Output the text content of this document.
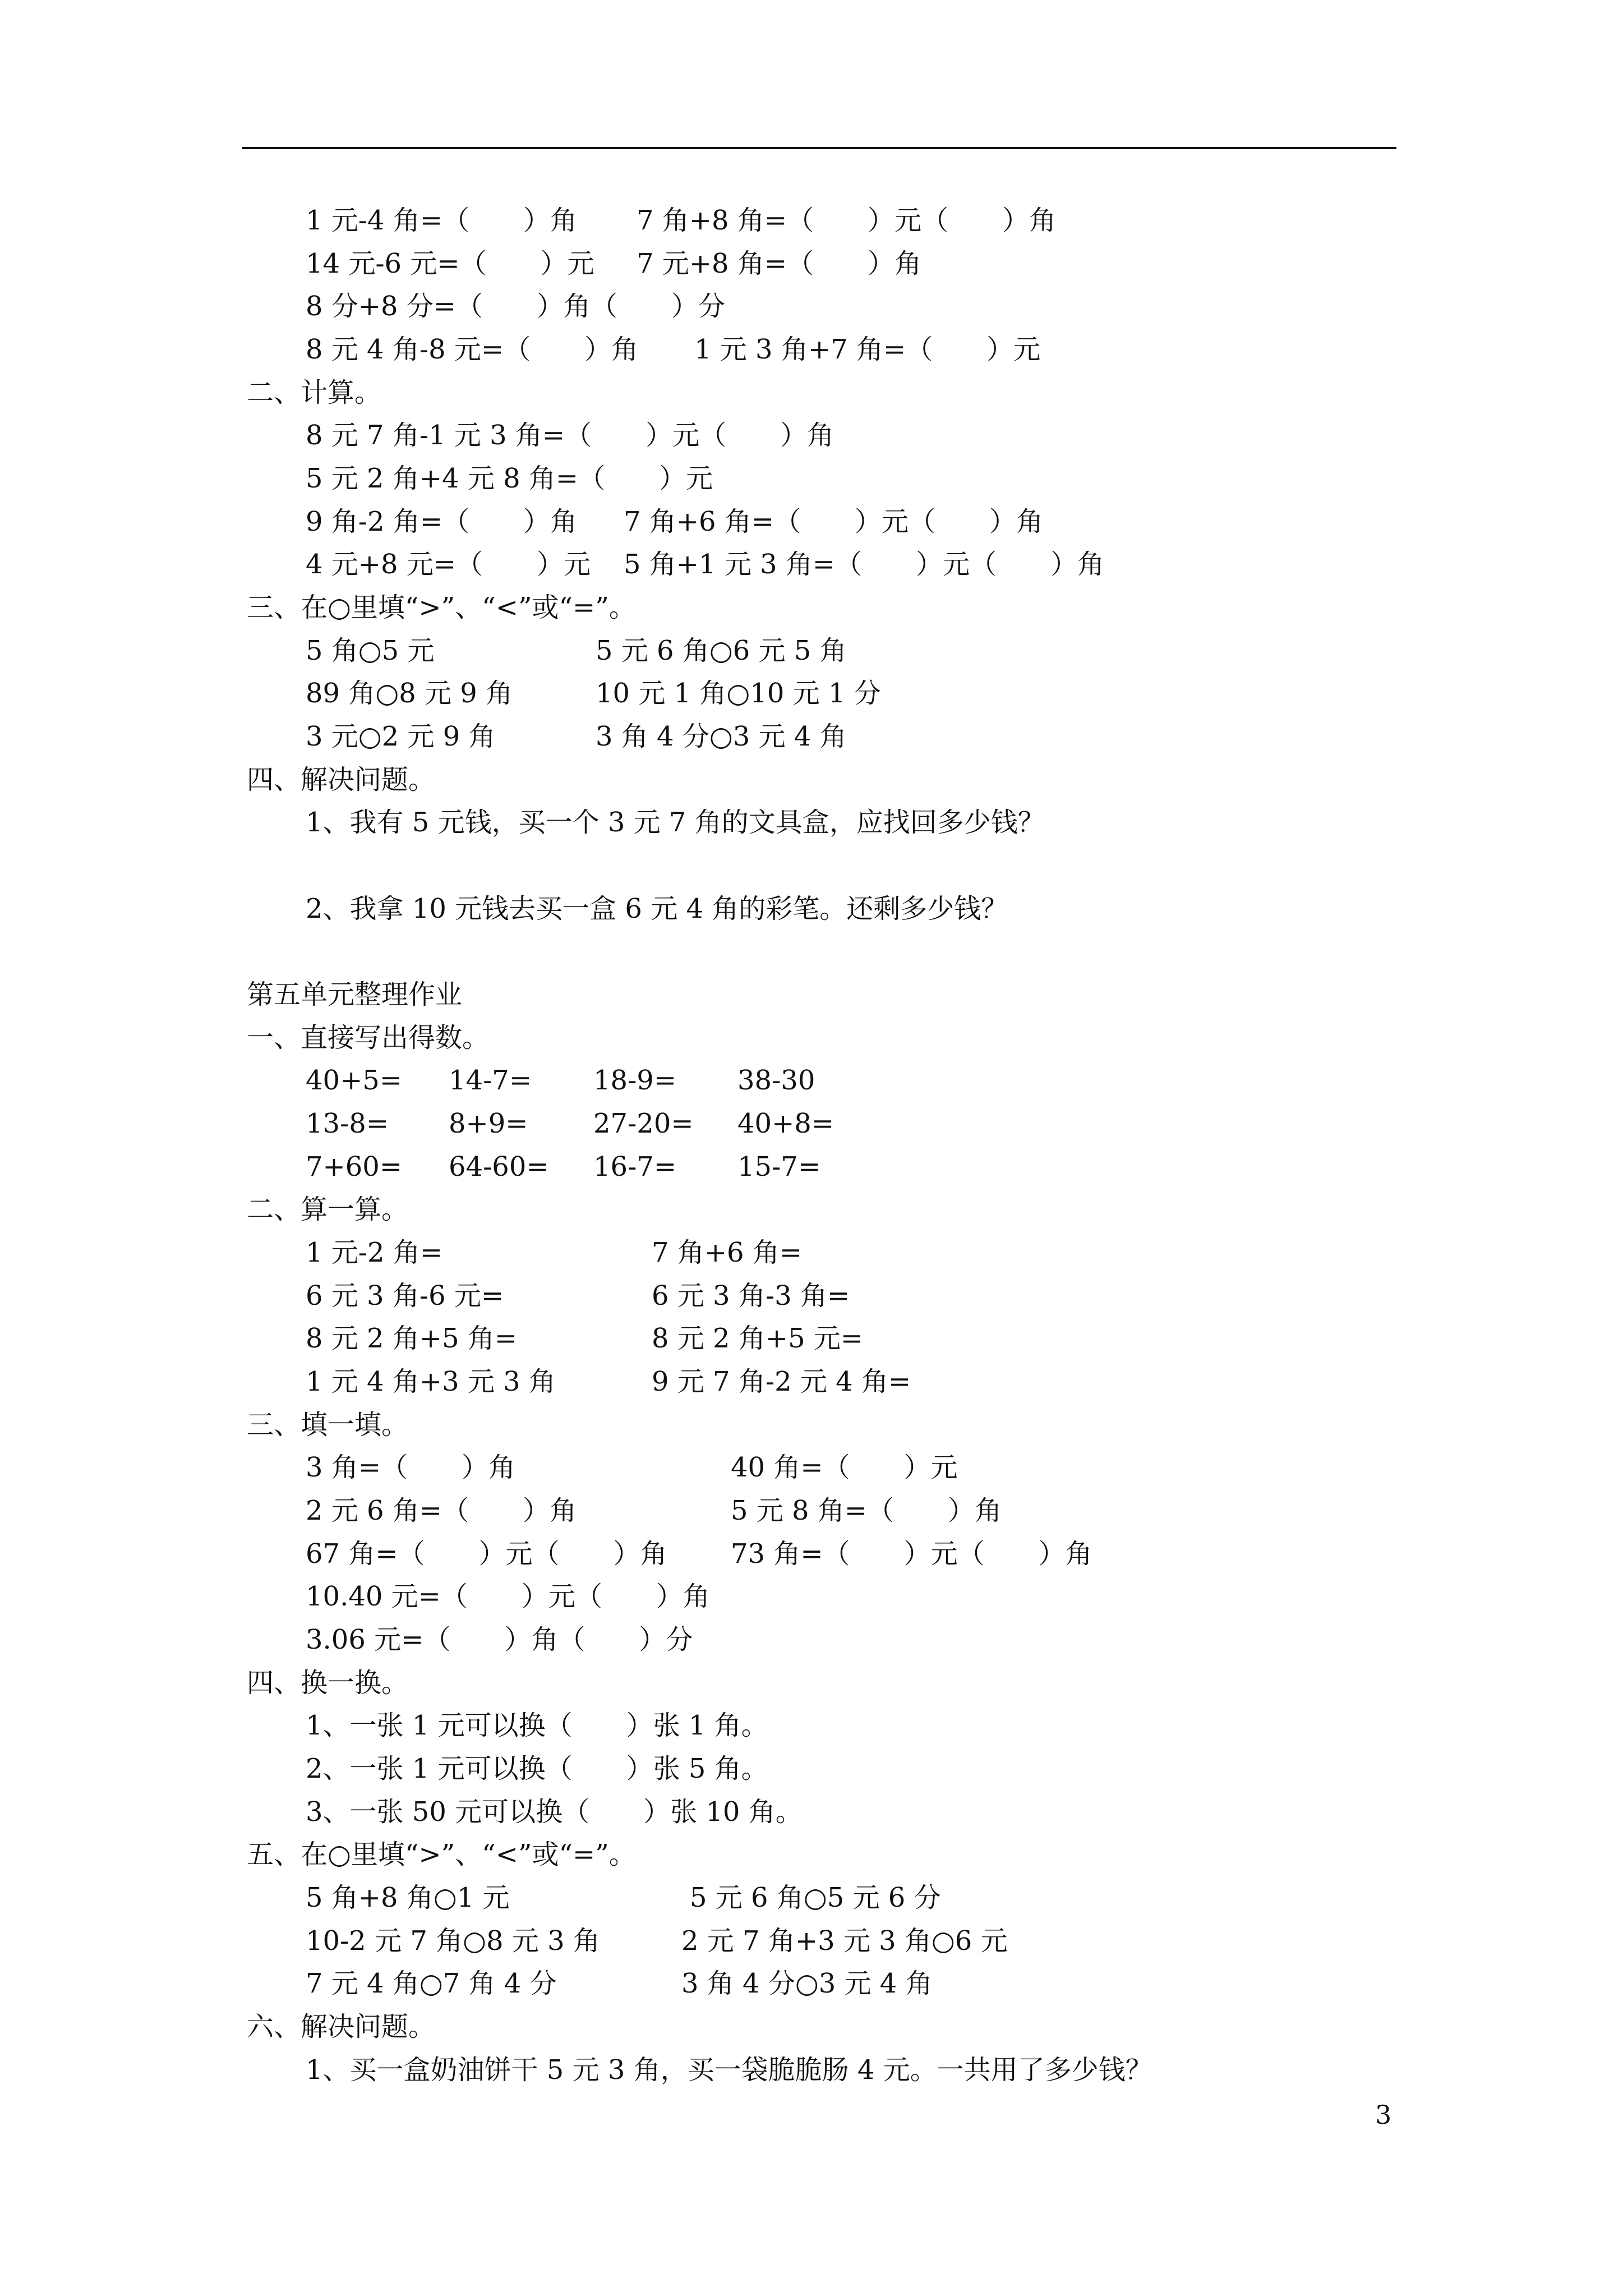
1 元-4 角=（　　）角 7 角+8 角=（　　）元（　　）角
14 元-6 元=（　　）元 7 元+8 角=（　　）角
8 分+8 分=（　　）角（　　）分
8 元 4 角-8 元=（　　）角 1 元 3 角+7 角=（　　）元
二、计算。
8 元 7 角-1 元 3 角=（　　）元（　　）角
5 元 2 角+4 元 8 角=（　　）元
9 角-2 角=（　　）角 7 角+6 角=（　　）元（　　）角
4 元+8 元=（　　）元 5 角+1 元 3 角=（　　）元（　　）角
三、在○里填“>”、“<”或“=”。
5 角○5 元	5 元 6 角○6 元 5 角
89 角○8 元 9 角	10 元 1 角○10 元 1 分
3 元○2 元 9 角	3 角 4 分○3 元 4 角
四、解决问题。
1、我有 5 元钱，买一个 3 元 7 角的文具盒，应找回多少钱？
2、我拿 10 元钱去买一盒 6 元 4 角的彩笔。还剩多少钱？
第五单元整理作业
一、直接写出得数。
40+5= 14-7= 18-9= 38-30
13-8= 8+9= 27-20= 40+8=
7+60= 64-60= 16-7= 15-7=
二、算一算。
1 元-2 角=	7 角+6 角=
6 元 3 角-6 元=	6 元 3 角-3 角=
8 元 2 角+5 角=	8 元 2 角+5 元=
1 元 4 角+3 元 3 角	9 元 7 角-2 元 4 角=
三、填一填。
3 角=（　　）角	40 角=（　　）元
2 元 6 角=（　　）角	5 元 8 角=（　　）角
67 角=（　　）元（　　）角 73 角=（　　）元（　　）角
10.40 元=（　　）元（　　）角
3.06 元=（　　）角（　　）分
四、换一换。
1、一张 1 元可以换（　　）张 1 角。
2、一张 1 元可以换（　　）张 5 角。
3、一张 50 元可以换（　　）张 10 角。
五、在○里填“>”、“<”或“=”。
5 角+8 角○1 元	5 元 6 角○5 元 6 分
10-2 元 7 角○8 元 3 角	2 元 7 角+3 元 3 角○6 元
7 元 4 角○7 角 4 分	3 角 4 分○3 元 4 角
六、解决问题。
1、买一盒奶油饼干 5 元 3 角，买一袋脆脆肠 4 元。一共用了多少钱？
3
